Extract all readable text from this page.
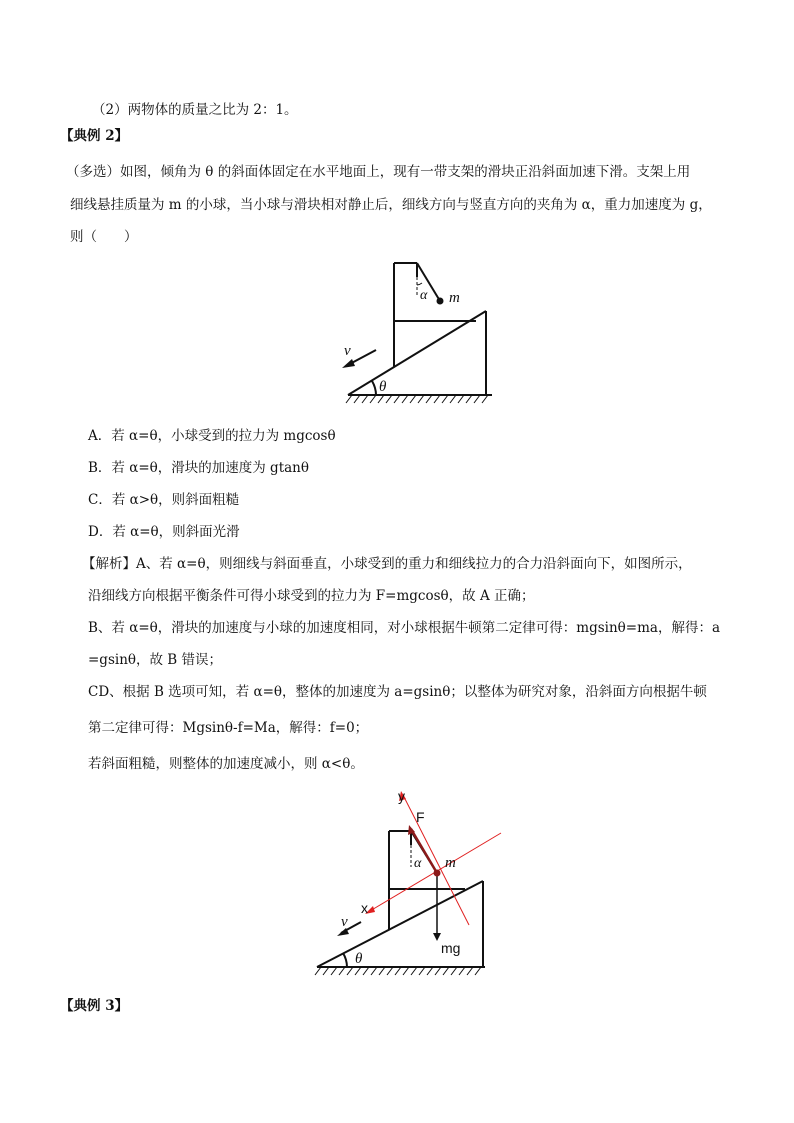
（2）两物体的质量之比为 2：1。
【典例 2】
（多选）如图，倾角为 θ 的斜面体固定在水平地面上，现有一带支架的滑块正沿斜面加速下滑。支架上用
细线悬挂质量为 m 的小球，当小球与滑块相对静止后，细线方向与竖直方向的夹角为 α，重力加速度为 g，
则（　　）
v
θ
α m
A．若 α=θ，小球受到的拉力为 mgcosθ
B．若 α=θ，滑块的加速度为 gtanθ
C．若 α>θ，则斜面粗糙
D．若 α=θ，则斜面光滑
【解析】A、若 α=θ，则细线与斜面垂直，小球受到的重力和细线拉力的合力沿斜面向下，如图所示，
沿细线方向根据平衡条件可得小球受到的拉力为 F=mgcosθ，故 A 正确；
B、若 α=θ，滑块的加速度与小球的加速度相同，对小球根据牛顿第二定律可得：mgsinθ=ma，解得：a
=gsinθ，故 B 错误；
CD、根据 B 选项可知，若 α=θ，整体的加速度为 a=gsinθ；以整体为研究对象，沿斜面方向根据牛顿
第二定律可得：Mgsinθ-f=Ma，解得：f=0；
若斜面粗糙，则整体的加速度减小，则 α<θ。
v
θ
α m
x
y
F
mg
【典例 3】
